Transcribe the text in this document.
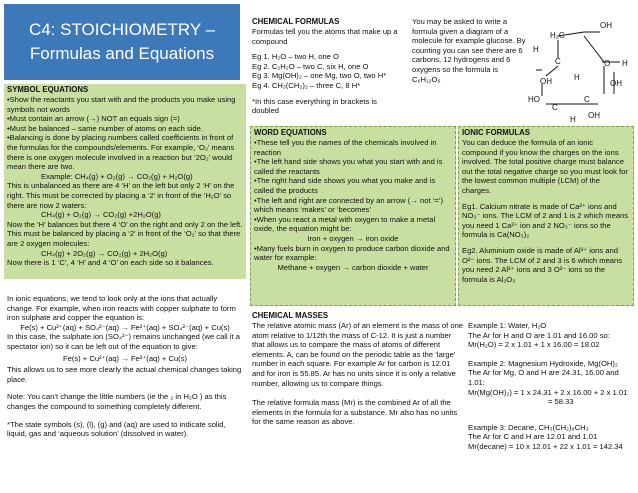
C4: STOICHIOMETRY –
Formulas and Equations
SYMBOL EQUATIONS

•Show the reactants you start with and the products you make using symbols not words

•Must contain an arrow (→) NOT an equals sign (=)

•Must be balanced – same number of atoms on each side.

•Balancing is done by placing numbers called coefficients in front of the formulas for the compounds/elements. For example, ‘O₂’ means there is one oxygen molecule involved in a reaction but ‘2O₂’ would mean there are two.

Example: CH₄(g) + O₂(g) → CO₂(g) + H₂O(g)

This is unbalanced as there are 4 ‘H’ on the left but only 2 ‘H’ on the right. This must be corrected by placing a ‘2’ in front of the ‘H₂O’ so there are now 2 waters:

CH₄(g) + O₂(g) → CO₂(g) +2H₂O(g)

Now the ‘H’ balances but there 4 ‘O’ on the right and only 2 on the left. This must be balanced by placing a ‘2’ in front of the ‘O₂’ so that there are 2 oxygen molecules:

CH₄(g) + 2O₂(g) → CO₂(g) + 2H₂O(g)

Now there is 1 ‘C’, 4 ‘H’ and 4 ‘O’ on each side so it balances.

In ionic equations, we tend to look only at the ions that actually change. For example, when iron reacts with copper sulphate to form iron sulphate and copper the equation is:

Fe(s) + Cu²⁺(aq) + SO₄²⁻(aq) → Fe²⁺(aq) + SO₄²⁻(aq) + Cu(s)

In this case, the sulphate ion (SO₄²⁻) remains unchanged (we call it a spectator ion) so it can be left out of the equation to give:

Fe(s) + Cu²⁺(aq) → Fe²⁺(aq) + Cu(s)

This allows us to see more clearly the actual chemical changes taking place.

Note: You can’t change the little numbers (ie the ₂ in H₂O ) as this changes the compound to something completely different.

*The state symbols (s), (l), (g) and (aq) are used to indicate solid, liquid, gas and ‘aqueous solution’ (dissolved in water).

CHEMICAL FORMULAS

Formulas tell you the atoms that make up a compound

Eg 1. H₂O – two H, one O

Eg 2. C₂H₂O – two C, six H, one O

Eg 3. Mg(OH)₂ – one Mg, two O, two H*

Eg 4. CH₃(CH₂)₂ – three C, 8 H*

*In this case everything in brackets is doubled

You may be asked to write a formula given a diagram of a molecule for example glucose. By counting you can see there are 6 carbons, 12 hydrogens and 6 oxygens so the formula is C₆H₁₂O₆

H₂C
OH
H
C	O H
OH	H
HO
C
C
OH
H OH
WORD EQUATIONS

•These tell you the names of the chemicals involved in reaction

•The left hand side shows you what you start with and is called the reactants

•The right hand side shows you what you make and is called the products

•The left and right are connected by an arrow (→ not ‘=’) which means ‘makes’ or ‘becomes’

•When you react a metal with oxygen to make a metal oxide, the equation might be:

Iron + oxygen → iron oxide

•Many fuels burn in oxygen to produce carbon dioxide and water for example:

Methane + oxygen → carbon dioxide + water

IONIC FORMULAS

You can deduce the formula of an ionic compound if you know the charges on the ions involved. The total positive charge must balance out the total negative charge so you must look for the lowest common multiple (LCM) of the charges.

Eg1. Calcium nitrate is made of Ca²⁺ ions and NO₃⁻ ions. The LCM of 2 and 1 is 2 which means you need 1 Ca²⁺ ion and 2 NO₃⁻ ions so the formula is Ca(NO₃)₂

Eg2. Aluminium oxide is made of Al³⁺ ions and O²⁻ ions. The LCM of 2 and 3 is 6 which means you need 2 Al³⁺ ions and 3 O²⁻ ions so the formula is Al₂O₃

CHEMICAL MASSES

The relative atomic mass (Ar) of an element is the mass of one atom relative to 1/12th the mass of C-12. It is just a number that allows us to compare the mass of atoms of different elements. A, can be found on the periodic table as the ‘large’ number in each square. For example Ar for carbon is 12.01 and for iron is 55.85. Ar has no units since it is only a relative number, allowing us to compare things.

The relative formula mass (Mr) is the combined Ar of all the elements in the formula for a substance. Mr also has no units for the same reason as above.

Example 1: Water, H₂O

The Ar for H and O are 1.01 and 16.00 so:

Mr(H₂O) = 2 x 1.01 + 1 x 16.00 = 18.02

Example 2: Magnesium Hydroxide, Mg(OH)₂

The Ar for Mg, O and H are 24.31, 16.00 and 1.01:

Mr(Mg(OH)₂) = 1 x 24.31 + 2 x 16.00 + 2 x 1.01

= 58.33

Example 3: Decane, CH₃(CH₂)₈CH₃

The Ar for C and H are 12.01 and 1.01

Mr(decane) = 10 x 12.01 + 22 x 1.01 = 142.34
